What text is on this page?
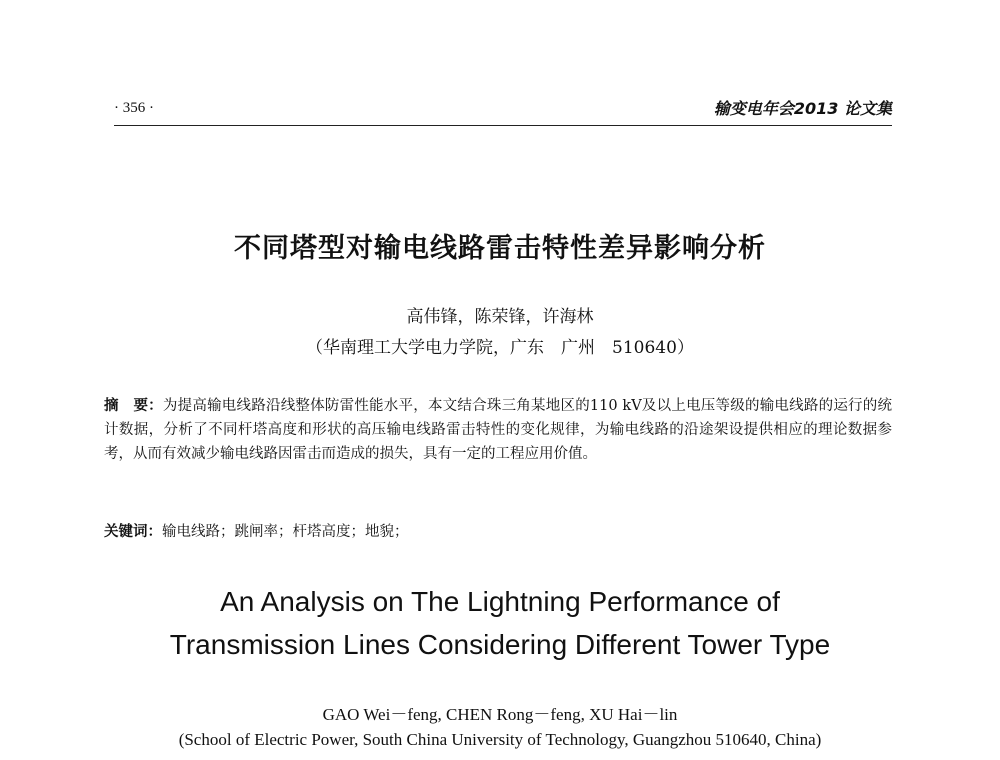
· 356 ·	输变电年会2013 论文集
不同塔型对输电线路雷击特性差异影响分析
高伟锋，陈荣锋，许海林
（华南理工大学电力学院，广东　广州　510640）
摘　要：为提高输电线路沿线整体防雷性能水平，本文结合珠三角某地区的110 kV及以上电压等级的输电线路的运行的统计数据，分析了不同杆塔高度和形状的高压输电线路雷击特性的变化规律，为输电线路的沿途架设提供相应的理论数据参考，从而有效减少输电线路因雷击而造成的损失，具有一定的工程应用价值。
关键词：输电线路；跳闸率；杆塔高度；地貌；
An Analysis on The Lightning Performance of
Transmission Lines Considering Different Tower Type
GAO Wei－feng, CHEN Rong－feng, XU Hai－lin
(School of Electric Power, South China University of Technology, Guangzhou 510640, China)
